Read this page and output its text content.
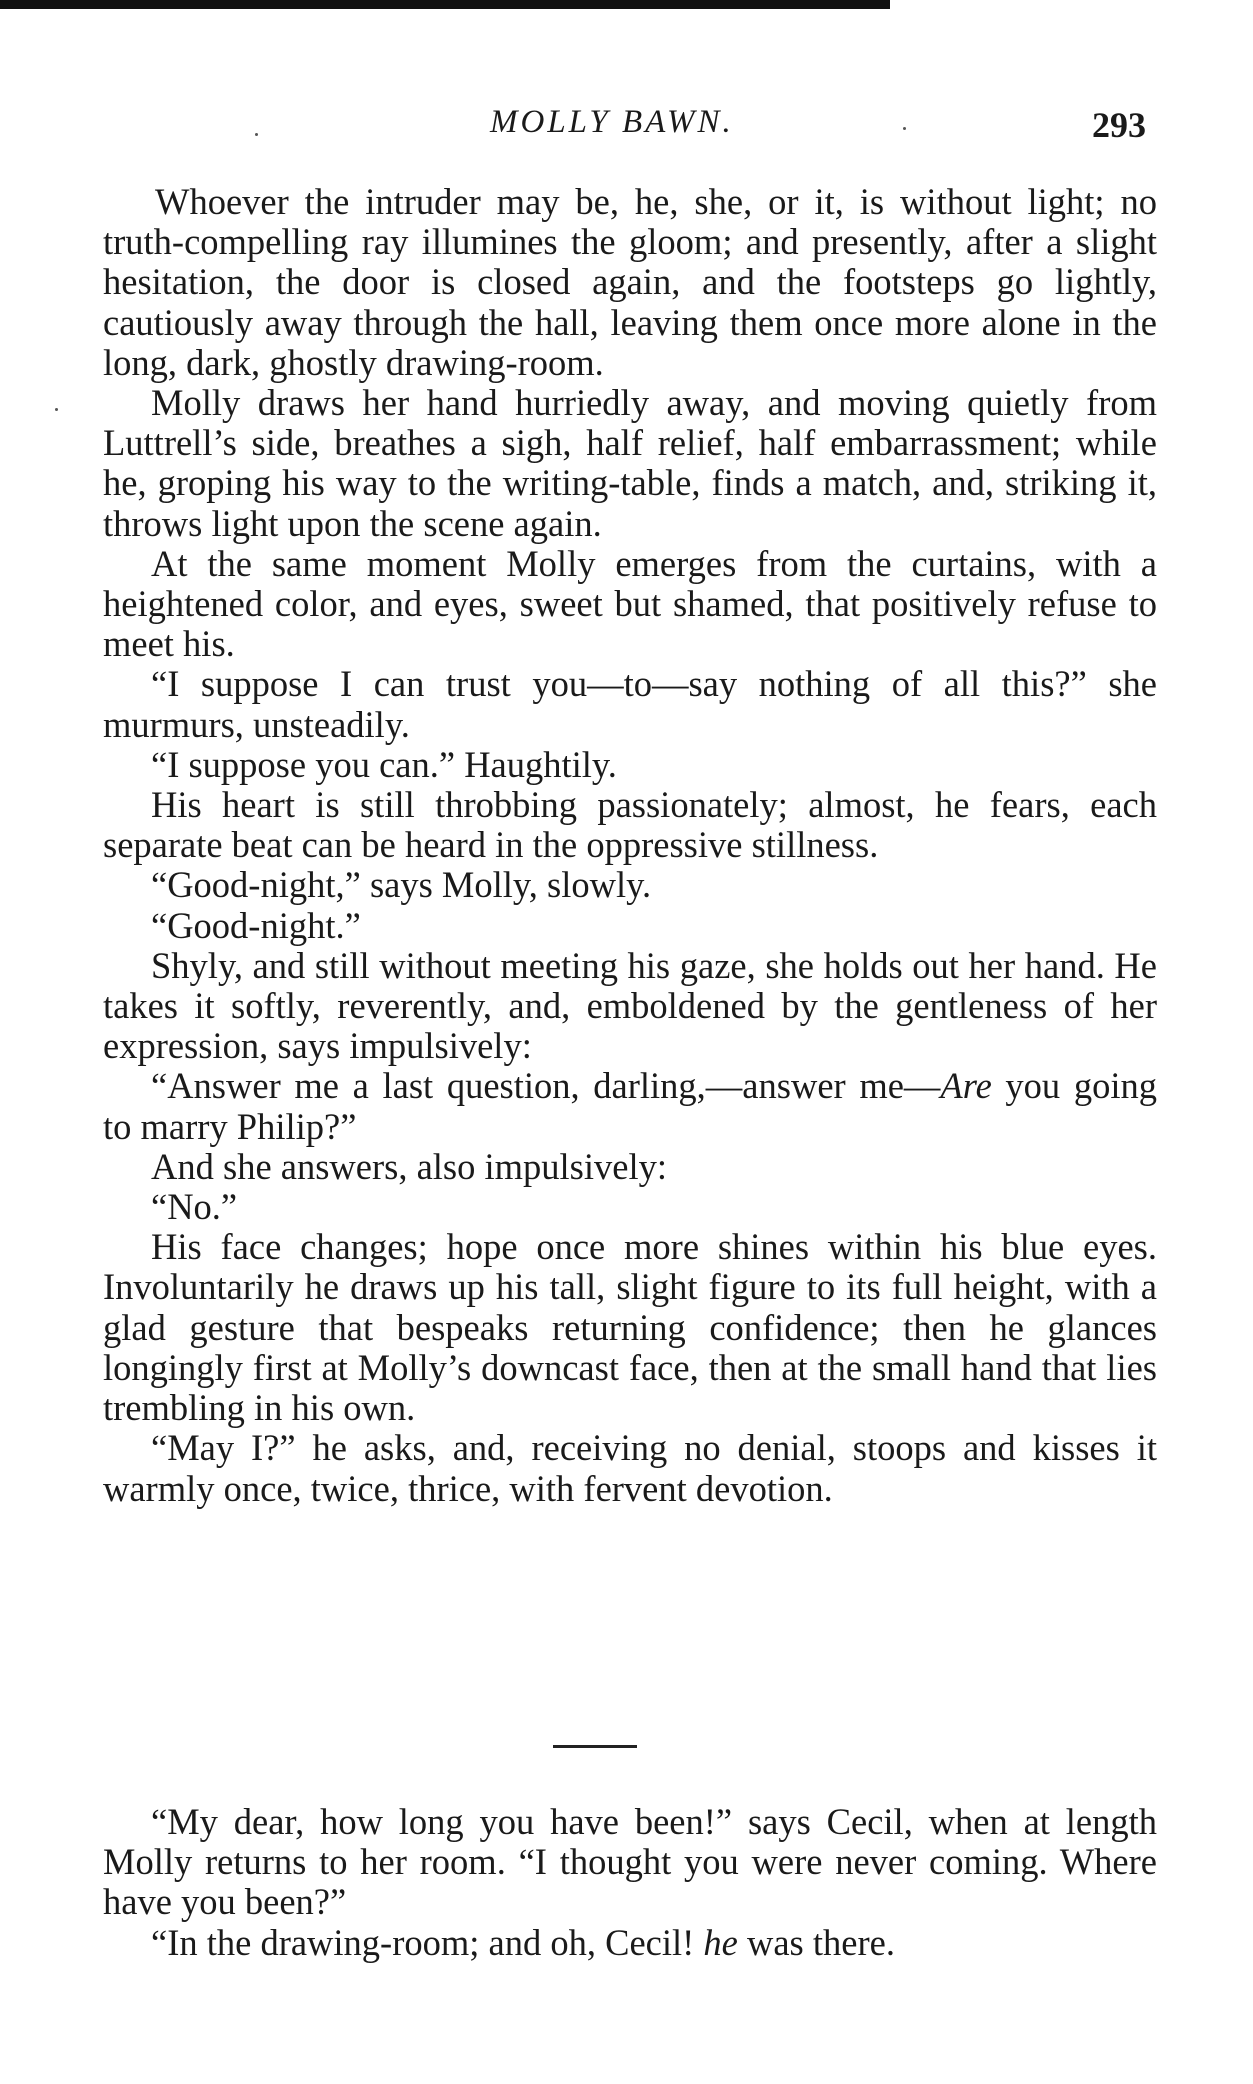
MOLLY BAWN.	293

Whoever the intruder may be, he, she, or it, is without light; no truth-compelling ray illumines the gloom; and presently, after a slight hesitation, the door is closed again, and the footsteps go lightly, cautiously away through the hall, leaving them once more alone in the long, dark, ghostly drawing-room.

Molly draws her hand hurriedly away, and moving quietly from Luttrell’s side, breathes a sigh, half relief, half embarrassment; while he, groping his way to the writing-table, finds a match, and, striking it, throws light upon the scene again.

At the same moment Molly emerges from the curtains, with a heightened color, and eyes, sweet but shamed, that positively refuse to meet his.

“I suppose I can trust you—to—say nothing of all this?” she murmurs, unsteadily.

“I suppose you can.” Haughtily.

His heart is still throbbing passionately; almost, he fears, each separate beat can be heard in the oppressive stillness.

“Good-night,” says Molly, slowly.

“Good-night.”

Shyly, and still without meeting his gaze, she holds out her hand. He takes it softly, reverently, and, emboldened by the gentleness of her expression, says impulsively:

“Answer me a last question, darling,—answer me—Are you going to marry Philip?”

And she answers, also impulsively:

“No.”

His face changes; hope once more shines within his blue eyes. Involuntarily he draws up his tall, slight figure to its full height, with a glad gesture that bespeaks returning confidence; then he glances longingly first at Molly’s downcast face, then at the small hand that lies trembling in his own.

“May I?” he asks, and, receiving no denial, stoops and kisses it warmly once, twice, thrice, with fervent devotion.

“My dear, how long you have been!” says Cecil, when at length Molly returns to her room. “I thought you were never coming. Where have you been?”

“In the drawing-room; and oh, Cecil! he was there.
